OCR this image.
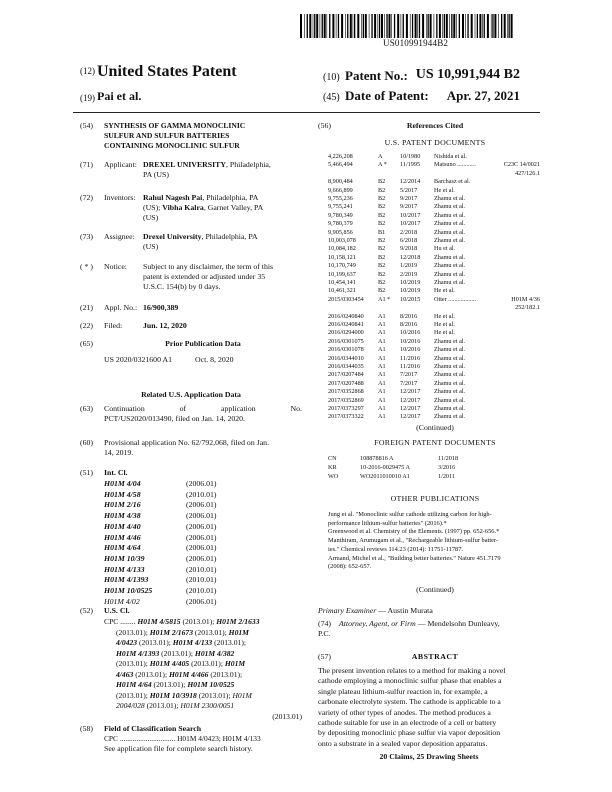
US010991944B2
(12) United States Patent
(19) Pai et al.
(10) Patent No.: US 10,991,944 B2
(45) Date of Patent: Apr. 27, 2021
(54) SYNTHESIS OF GAMMA MONOCLINIC
SULFUR AND SULFUR BATTERIES
CONTAINING MONOCLINIC SULFUR
(71) Applicant: DREXEL UNIVERSITY, Philadelphia,
PA (US)
(72) Inventors: Rahul Nagesh Pai, Philadelphia, PA
(US); Vibha Kalra, Garnet Valley, PA
(US)
(73) Assignee: Drexel University, Philadelphia, PA
(US)
( * ) Notice: Subject to any disclaimer, the term of this
patent is extended or adjusted under 35
U.S.C. 154(b) by 0 days.
(21) Appl. No.: 16/900,389
(22) Filed:	Jun. 12, 2020
(65)	Prior Publication Data
US 2020/0321600 A1	Oct. 8, 2020
Related U.S. Application Data
(63) Continuation of application No.
PCT/US2020/013490, filed on Jan. 14, 2020.
(60) Provisional application No. 62/792,068, filed on Jan.
14, 2019.
(51) Int. Cl.
H01M 4/04	(2006.01)
H01M 4/58	(2010.01)
H01M 2/16	(2006.01)
H01M 4/38	(2006.01)
H01M 4/40	(2006.01)
H01M 4/46	(2006.01)
H01M 4/64	(2006.01)
H01M 10/39	(2006.01)
H01M 4/133	(2010.01)
H01M 4/1393	(2010.01)
H01M 10/0525	(2010.01)
H01M 4/02	(2006.01)
(52) U.S. Cl.
CPC ........ H01M 4/5815 (2013.01); H01M 2/1633
(2013.01); H01M 2/1673 (2013.01); H01M
4/0423 (2013.01); H01M 4/133 (2013.01);
H01M 4/1393 (2013.01); H01M 4/382
(2013.01); H01M 4/405 (2013.01); H01M
4/463 (2013.01); H01M 4/466 (2013.01);
H01M 4/64 (2013.01); H01M 10/0525
(2013.01); H01M 10/3918 (2013.01); H01M
2004/028 (2013.01); H01M 2300/0051
(2013.01)
(58) Field of Classification Search
CPC .............................. H01M 4/0423; H01M 4/133
See application file for complete search history.
(56)	References Cited
U.S. PATENT DOCUMENTS
4,226,208	A	10/1980 Nishida et al.
5,466,494	A * 11/1995 Matsuno ............	C23C 14/0021
427/126.1
8,900,484	B2 12/2014 Barchasz et al.
9,666,899	B2 5/2017	He et al.
9,755,236	B2 9/2017	Zhamu et al.
9,755,241	B2 9/2017	Zhamu et al.
9,780,349	B2 10/2017 Zhamu et al.
9,780,379	B2 10/2017 Zhamu et al.
9,905,856	B1 2/2018	Zhamu et al.
10,003,078	B2 6/2018	Zhamu et al.
10,084,182	B2 9/2018	Hu et al.
10,158,121	B2 12/2018 Zhamu et al.
10,170,749	B2 1/2019	Zhamu et al.
10,199,637	B2 2/2019	Zhamu et al.
10,454,141	B2 10/2019 Zhamu et al.
10,461,321	B2 10/2019 He et al.
2015/0303454 A1 * 10/2015 Otter ..................	H01M 4/36
252/182.1
2016/0240840 A1 8/2016	He et al.
2016/0240841 A1 8/2016	He et al.
2016/0294000 A1 10/2016 He et al.
2016/0301075 A1 10/2016 Zhamu et al.
2016/0301078 A1 10/2016 Zhamu et al.
2016/0344010 A1 11/2016 Zhamu et al.
2016/0344035 A1 11/2016 Zhamu et al.
2017/0207484 A1 7/2017	Zhamu et al.
2017/0207488 A1 7/2017	Zhamu et al.
2017/0352868 A1 12/2017 Zhamu et al.
2017/0352869 A1 12/2017 Zhamu et al.
2017/0373297 A1 12/2017 Zhamu et al.
2017/0373322 A1 12/2017 Zhamu et al.
(Continued)
FOREIGN PATENT DOCUMENTS
CN	108878816 A	11/2018
KR	10-2016-0029475 A	3/2016
WO	WO2011010010 A1	1/2011
OTHER PUBLICATIONS
Jung et al. "Monoclinic sulfur cathode utilizing carbon for high-
performance lithium-sulfur batteries" (2016).*
Greenwood et al. Chemistry of the Elements. (1997) pp. 652-656.*
Manthiram, Arumugam et al., "Rechargeable lithium-sulfur batter-
ies." Chemical reviews 114.23 (2014): 11751-11787.
Armand, Michel et al., "Building better batteries." Nature 451.7179
(2008): 652-657.
(Continued)
Primary Examiner — Austin Murata
(74) Attorney, Agent, or Firm — Mendelsohn Dunleavy,
P.C.
(57)	ABSTRACT
The present invention relates to a method for making a novel
cathode employing a monoclinic sulfur phase that enables a
single plateau lithium-sulfur reaction in, for example, a
carbonate electrolyte system. The cathode is applicable to a
variety of other types of anodes. The method produces a
cathode suitable for use in an electrode of a cell or battery
by depositing monoclinic phase sulfur via vapor deposition
onto a substrate in a sealed vapor deposition apparatus.
20 Claims, 25 Drawing Sheets
